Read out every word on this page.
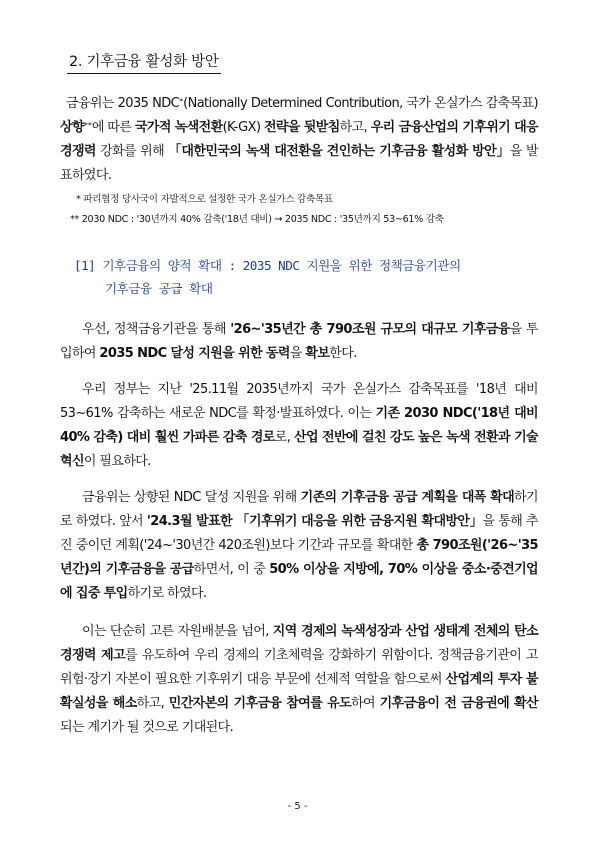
2. 기후금융 활성화 방안
금융위는 2035 NDC*(Nationally Determined Contribution, 국가 온실가스 감축목표) 상향**에 따른 국가적 녹색전환(K-GX) 전략을 뒷받침하고, 우리 금융산업의 기후위기 대응 경쟁력 강화를 위해 「대한민국의 녹색 대전환을 견인하는 기후금융 활성화 방안」을 발표하였다.
* 파리협정 당사국이 자발적으로 설정한 국가 온실가스 감축목표
** 2030 NDC : '30년까지 40% 감축('18년 대비) → 2035 NDC : '35년까지 53~61% 감축
[1] 기후금융의 양적 확대 : 2035 NDC 지원을 위한 정책금융기관의
기후금융 공급 확대
우선, 정책금융기관을 통해 '26~'35년간 총 790조원 규모의 대규모 기후금융을 투입하여 2035 NDC 달성 지원을 위한 동력을 확보한다.
우리 정부는 지난 '25.11월 2035년까지 국가 온실가스 감축목표를 '18년 대비 53~61% 감축하는 새로운 NDC를 확정·발표하였다. 이는 기존 2030 NDC('18년 대비 40% 감축) 대비 훨씬 가파른 감축 경로로, 산업 전반에 걸친 강도 높은 녹색 전환과 기술혁신이 필요하다.
금융위는 상향된 NDC 달성 지원을 위해 기존의 기후금융 공급 계획을 대폭 확대하기로 하였다. 앞서 '24.3월 발표한 「기후위기 대응을 위한 금융지원 확대방안」을 통해 추진 중이던 계획('24~'30년간 420조원)보다 기간과 규모를 확대한 총 790조원('26~'35년간)의 기후금융을 공급하면서, 이 중 50% 이상을 지방에, 70% 이상을 중소·중견기업에 집중 투입하기로 하였다.
이는 단순히 고른 자원배분을 넘어, 지역 경제의 녹색성장과 산업 생태계 전체의 탄소경쟁력 제고를 유도하여 우리 경제의 기초체력을 강화하기 위함이다. 정책금융기관이 고위험·장기 자본이 필요한 기후위기 대응 부문에 선제적 역할을 함으로써 산업계의 투자 불확실성을 해소하고, 민간자본의 기후금융 참여를 유도하여 기후금융이 전 금융권에 확산되는 계기가 될 것으로 기대된다.
- 5 -
